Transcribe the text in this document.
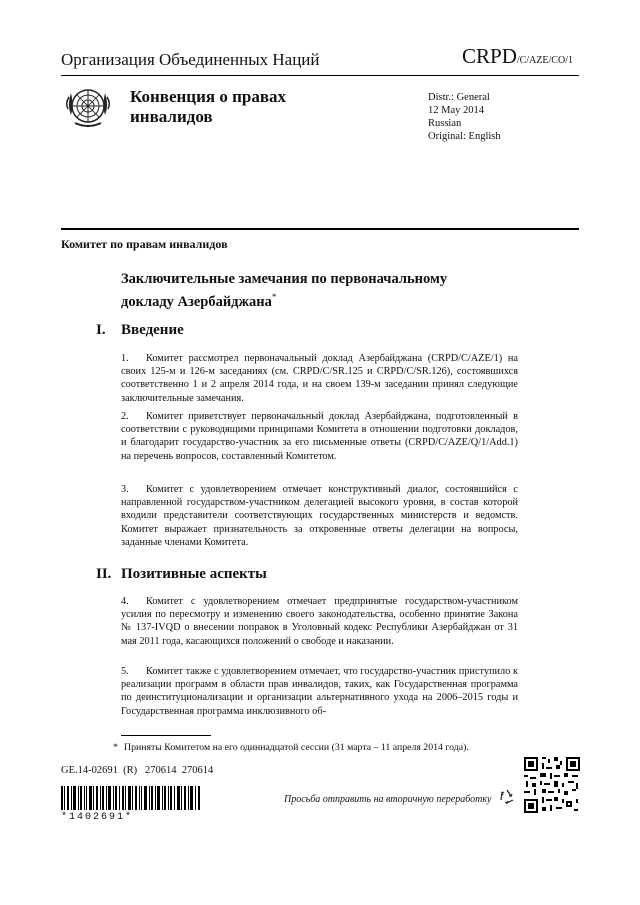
Организация Объединенных Наций	CRPD/C/AZE/CO/1
Конвенция о правах
инвалидов
Distr.: General
12 May 2014
Russian
Original: English
Комитет по правам инвалидов
Заключительные замечания по первоначальному
докладу Азербайджана*
I. Введение
1. Комитет рассмотрел первоначальный доклад Азербайджана (CRPD/C/AZE/1) на своих 125-м и 126-м заседаниях (см. CRPD/C/SR.125 и CRPD/C/SR.126), состоявшихся соответственно 1 и 2 апреля 2014 года, и на своем 139-м заседании принял следующие заключительные замечания.
2. Комитет приветствует первоначальный доклад Азербайджана, подготовленный в соответствии с руководящими принципами Комитета в отношении подготовки докладов, и благодарит государство-участник за его письменные ответы (CRPD/C/AZE/Q/1/Add.1) на перечень вопросов, составленный Комитетом.
3. Комитет с удовлетворением отмечает конструктивный диалог, состоявшийся с направленной государством-участником делегацией высокого уровня, в состав которой входили представители соответствующих государственных министерств и ведомств. Комитет выражает признательность за откровенные ответы делегации на вопросы, заданные членами Комитета.
II. Позитивные аспекты
4. Комитет с удовлетворением отмечает предпринятые государством-участником усилия по пересмотру и изменению своего законодательства, особенно принятие Закона № 137-IVQD о внесении поправок в Уголовный кодекс Республики Азербайджан от 31 мая 2011 года, касающихся положений о свободе и наказании.
5. Комитет также с удовлетворением отмечает, что государство-участник приступило к реализации программ в области прав инвалидов, таких, как Государственная программа по деинституционализации и организации альтернативного ухода на 2006–2015 годы и Государственная программа инклюзивного об-
* Приняты Комитетом на его одиннадцатой сессии (31 марта – 11 апреля 2014 года).
GE.14-02691  (R)   270614  270614
*1402691*
Просьба отправить на вторичную переработку
